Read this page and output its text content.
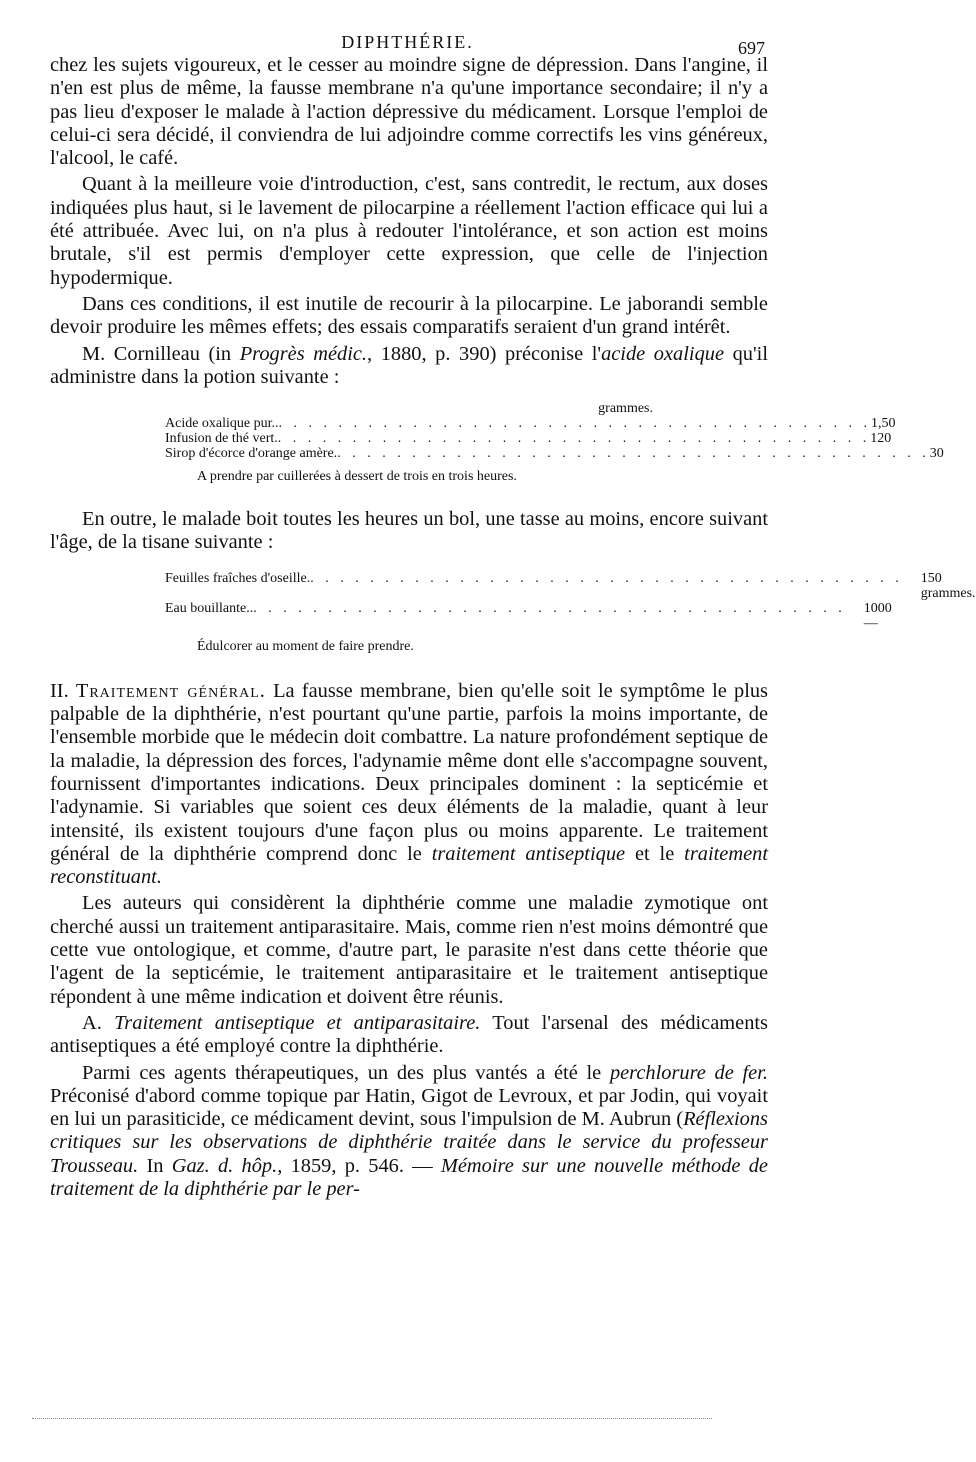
DIPHTHÉRIE.	697

chez les sujets vigoureux, et le cesser au moindre signe de dépression. Dans l'angine, il n'en est plus de même, la fausse membrane n'a qu'une importance secondaire; il n'y a pas lieu d'exposer le malade à l'action dépressive du médicament. Lorsque l'emploi de celui-ci sera décidé, il conviendra de lui adjoindre comme correctifs les vins généreux, l'alcool, le café.

Quant à la meilleure voie d'introduction, c'est, sans contredit, le rectum, aux doses indiquées plus haut, si le lavement de pilocarpine a réellement l'action efficace qui lui a été attribuée. Avec lui, on n'a plus à redouter l'intolérance, et son action est moins brutale, s'il est permis d'employer cette expression, que celle de l'injection hypodermique.

Dans ces conditions, il est inutile de recourir à la pilocarpine. Le jaborandi semble devoir produire les mêmes effets; des essais comparatifs seraient d'un grand intérêt.

M. Cornilleau (in Progrès médic., 1880, p. 390) préconise l'acide oxalique qu'il administre dans la potion suivante :

grammes.
Acide oxalique pur.. . . . . . . . . . . . . . . . . . . . . . . . . . . . . . . . . . . . . . . . . 1,50
Infusion de thé vert. . . . . . . . . . . . . . . . . . . . . . . . . . . . . . . . . . . . . . . . . 120
Sirop d'écorce d'orange amère. . . . . . . . . . . . . . . . . . . . . . . . . . . . . . . . . . . . . . . . . 30
A prendre par cuillerées à dessert de trois en trois heures.

En outre, le malade boit toutes les heures un bol, une tasse au moins, encore suivant l'âge, de la tisane suivante :

Feuilles fraîches d'oseille. . . . . . . . . . . . . . . . . . . . . . . . . . . . . . . . . . . . . . . . .	150 grammes.
Eau bouillante.. . . . . . . . . . . . . . . . . . . . . . . . . . . . . . . . . . . . . . . . .	1000 —
Édulcorer au moment de faire prendre.

II. Traitement général. La fausse membrane, bien qu'elle soit le symptôme le plus palpable de la diphthérie, n'est pourtant qu'une partie, parfois la moins importante, de l'ensemble morbide que le médecin doit combattre. La nature profondément septique de la maladie, la dépression des forces, l'adynamie même dont elle s'accompagne souvent, fournissent d'importantes indications. Deux principales dominent : la septicémie et l'adynamie. Si variables que soient ces deux éléments de la maladie, quant à leur intensité, ils existent toujours d'une façon plus ou moins apparente. Le traitement général de la diphthérie comprend donc le traitement antiseptique et le traitement reconstituant.

Les auteurs qui considèrent la diphthérie comme une maladie zymotique ont cherché aussi un traitement antiparasitaire. Mais, comme rien n'est moins démontré que cette vue ontologique, et comme, d'autre part, le parasite n'est dans cette théorie que l'agent de la septicémie, le traitement antiparasitaire et le traitement antiseptique répondent à une même indication et doivent être réunis.

A. Traitement antiseptique et antiparasitaire. Tout l'arsenal des médicaments antiseptiques a été employé contre la diphthérie.

Parmi ces agents thérapeutiques, un des plus vantés a été le perchlorure de fer. Préconisé d'abord comme topique par Hatin, Gigot de Levroux, et par Jodin, qui voyait en lui un parasiticide, ce médicament devint, sous l'impulsion de M. Aubrun (Réflexions critiques sur les observations de diphthérie traitée dans le service du professeur Trousseau. In Gaz. d. hôp., 1859, p. 546. — Mémoire sur une nouvelle méthode de traitement de la diphthérie par le per-
